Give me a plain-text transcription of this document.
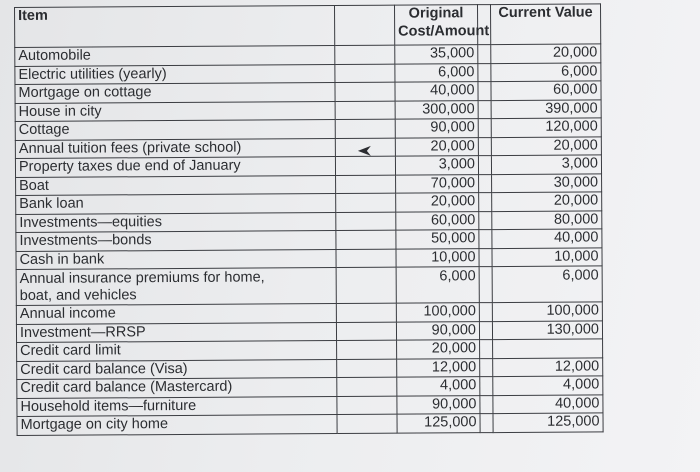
Item		Original Cost/Amount		Current Value
Automobile		35,000		20,000
Electric utilities (yearly)		6,000		6,000
Mortgage on cottage		40,000		60,000
House in city		300,000		390,000
Cottage		90,000		120,000
Annual tuition fees (private school)		20,000		20,000
Property taxes due end of January		3,000		3,000
Boat		70,000		30,000
Bank loan		20,000		20,000
Investments—equities		60,000		80,000
Investments—bonds		50,000		40,000
Cash in bank		10,000		10,000

Annual insurance premiums for home,
boat, and vehicles		6,000		6,000
Annual income		100,000		100,000
Investment—RRSP		90,000		130,000
Credit card limit		20,000		
Credit card balance (Visa)		12,000		12,000
Credit card balance (Mastercard)		4,000		4,000
Household items—furniture		90,000		40,000
Mortgage on city home		125,000		125,000
